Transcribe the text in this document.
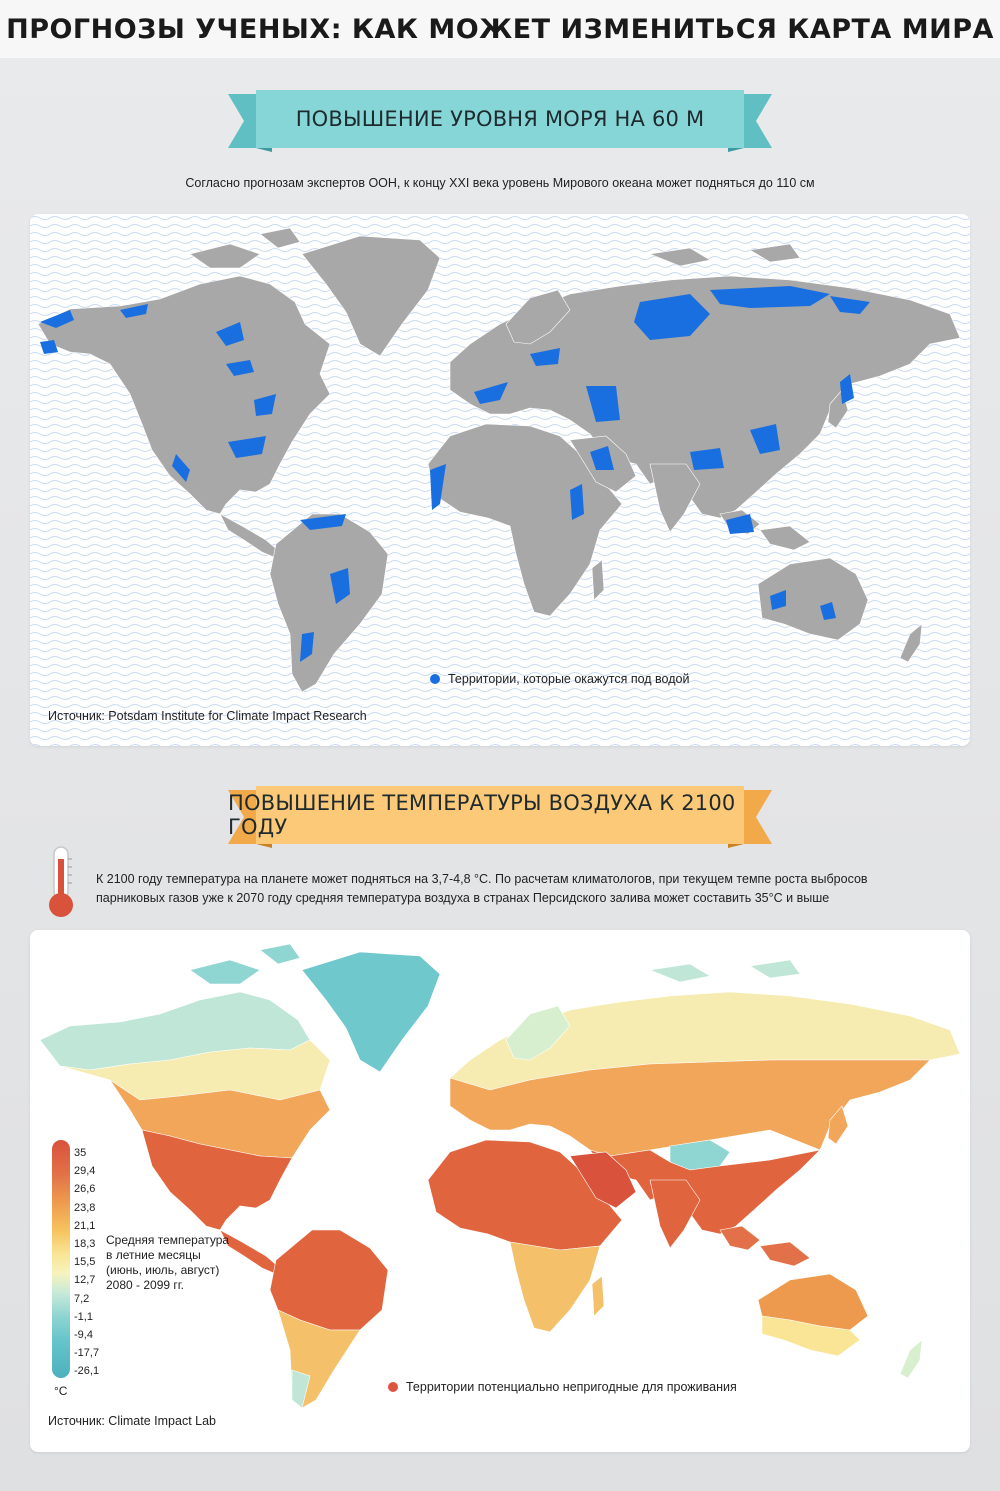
ПРОГНОЗЫ УЧЕНЫХ: КАК МОЖЕТ ИЗМЕНИТЬСЯ КАРТА МИРА
ПОВЫШЕНИЕ УРОВНЯ МОРЯ НА 60 М
Согласно прогнозам экспертов ООН, к концу XXI века уровень Мирового океана может подняться до 110 см
Территории, которые окажутся под водой
Источник: Potsdam Institute for Climate Impact Research
ПОВЫШЕНИЕ ТЕМПЕРАТУРЫ ВОЗДУХА К 2100 ГОДУ
К 2100 году температура на планете может подняться на 3,7-4,8 °С. По расчетам климатологов, при текущем темпе роста выбросов
парниковых газов уже к 2070 году средняя температура воздуха в странах Персидского залива может составить 35°С и выше
Территории потенциально непригодные для проживания
Источник: Climate Impact Lab
35
29,4
26,6
23,8
21,1
18,3
15,5
12,7
7,2
-1,1
-9,4
-17,7
-26,1
°С
Средняя температура
в летние месяцы
(июнь, июль, август)
2080 - 2099 гг.
